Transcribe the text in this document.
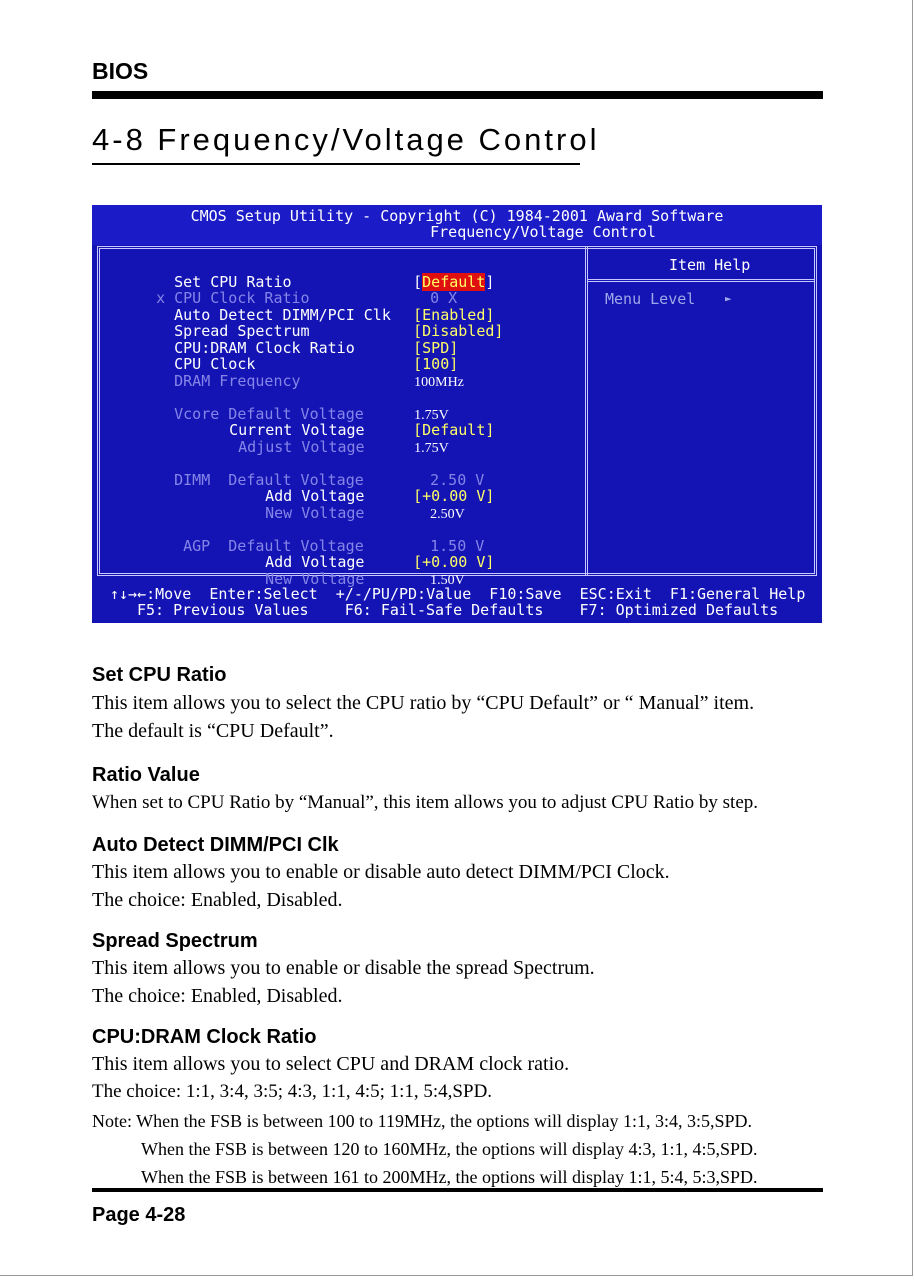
BIOS
4-8 Frequency/Voltage Control
CMOS Setup Utility - Copyright (C) 1984-2001 Award Software
Frequency/Voltage Control
Item Help
Menu Level	►

Set CPU Ratio
	[Default]

x
CPU Clock Ratio
	0 X

Auto Detect DIMM/PCI Clk
	[Enabled]

Spread Spectrum
	[Disabled]

CPU:DRAM Clock Ratio
	[SPD]

CPU Clock
	[100]

DRAM Frequency
	100MHz

Vcore Default Voltage
	1.75V

Current Voltage
	[Default]

Adjust Voltage
	1.75V

DIMM  Default Voltage
	2.50 V

Add Voltage
	[+0.00 V]

New Voltage
	2.50V

AGP  Default Voltage
	1.50 V

Add Voltage
	[+0.00 V]

New Voltage
	1.50V

↑↓→←:Move  Enter:Select  +/-/PU/PD:Value  F10:Save  ESC:Exit  F1:General Help
F5: Previous Values    F6: Fail-Safe Defaults    F7: Optimized Defaults
Set CPU Ratio
This item allows you to select the CPU ratio by “CPU Default” or “ Manual” item.
The default is “CPU Default”.
Ratio Value
When set to CPU Ratio by “Manual”, this item allows you to adjust CPU Ratio by step.
Auto Detect DIMM/PCI Clk
This item allows you to enable or disable auto detect DIMM/PCI Clock.
The choice: Enabled, Disabled.
Spread Spectrum
This item allows you to enable or disable the spread Spectrum.
The choice: Enabled, Disabled.
CPU:DRAM Clock Ratio
This item allows you to select CPU and DRAM clock ratio.
The choice: 1:1, 3:4, 3:5; 4:3, 1:1, 4:5; 1:1, 5:4,SPD.
Note: When the FSB is between 100 to 119MHz, the options will display 1:1, 3:4, 3:5,SPD.
When the FSB is between 120 to 160MHz, the options will display 4:3, 1:1, 4:5,SPD.
When the FSB is between 161 to 200MHz, the options will display 1:1, 5:4, 5:3,SPD.
Page 4-28
